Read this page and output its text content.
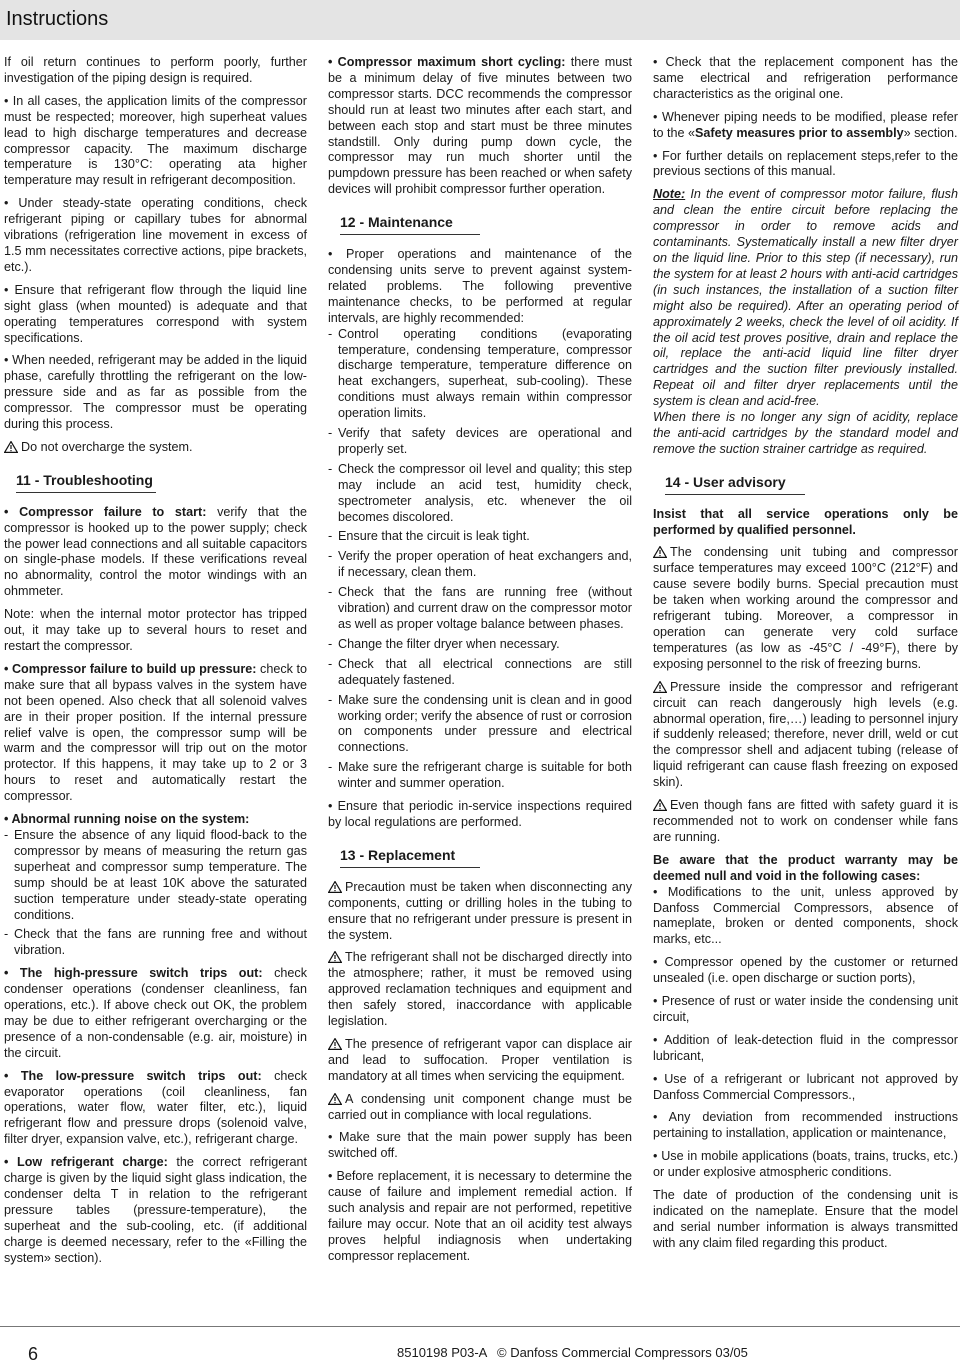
Instructions

If oil return continues to perform poorly, further investigation of the piping design is required.

• In all cases, the application limits of the compressor must be respected; moreover, high superheat values lead to high discharge temperatures and decrease compressor capacity. The maximum discharge temperature is 130°C: operating ata higher temperature may result in refrigerant decomposition.

• Under steady-state operating conditions, check refrigerant piping or capillary tubes for abnormal vibrations (refrigeration line movement in excess of 1.5 mm necessitates corrective actions, pipe brackets, etc.).

• Ensure that refrigerant flow through the liquid line sight glass (when mounted) is adequate and that operating temperatures correspond with system specifications.

• When needed, refrigerant may be added in the liquid phase, carefully throttling the refrigerant on the low-pressure side and as far as possible from the compressor. The compressor must be operating during this process.

Do not overcharge the system.

11 - Troubleshooting

• Compressor failure to start: verify that the compressor is hooked up to the power supply; check the power lead connections and all suitable capacitors on single-phase models. If these verifications reveal no abnormality, control the motor windings with an ohmmeter.

Note: when the internal motor protector has tripped out, it may take up to several hours to reset and restart the compressor.

• Compressor failure to build up pressure: check to make sure that all bypass valves in the system have not been opened. Also check that all solenoid valves are in their proper position. If the internal pressure relief valve is open, the compressor sump will be warm and the compressor will trip out on the motor protector. If this happens, it may take up to 2 or 3 hours to reset and automatically restart the compressor.

• Abnormal running noise on the system:

- Ensure the absence of any liquid flood-back to the compressor by means of measuring the return gas superheat and compressor sump temperature. The sump should be at least 10K above the saturated suction temperature under steady-state operating conditions.
- Check that the fans are running free and without vibration.

• The high-pressure switch trips out: check condenser operations (condenser cleanliness, fan operations, etc.). If above check out OK, the problem may be due to either refrigerant overcharging or the presence of a non-condensable (e.g. air, moisture) in the circuit.

• The low-pressure switch trips out: check evaporator operations (coil cleanliness, fan operations, water flow, water filter, etc.), liquid refrigerant flow and pressure drops (solenoid valve, filter dryer, expansion valve, etc.), refrigerant charge.

• Low refrigerant charge: the correct refrigerant charge is given by the liquid sight glass indication, the condenser delta T in relation to the refrigerant pressure tables (pressure-temperature), the superheat and the sub-cooling, etc. (if additional charge is deemed necessary, refer to the «Filling the system» section).

• Compressor maximum short cycling: there must be a minimum delay of five minutes between two compressor starts. DCC recommends the compressor should run at least two minutes after each start, and between each stop and start must be three minutes standstill. Only during pump down cycle, the compressor may run much shorter until the pumpdown pressure has been reached or when safety devices will prohibit compressor further operation.

12 - Maintenance

• Proper operations and maintenance of the condensing units serve to prevent against system-related problems. The following preventive maintenance checks, to be performed at regular intervals, are highly recommended:

- Control operating conditions (evaporating temperature, condensing temperature, compressor discharge temperature, temperature difference on heat exchangers, superheat, sub-cooling). These conditions must always remain within compressor operation limits.
- Verify that safety devices are operational and properly set.
- Check the compressor oil level and quality; this step may include an acid test, humidity check, spectrometer analysis, etc. whenever the oil becomes discolored.
- Ensure that the circuit is leak tight.
- Verify the proper operation of heat exchangers and, if necessary, clean them.
- Check that the fans are running free (without vibration) and current draw on the compressor motor as well as proper voltage balance between phases.
- Change the filter dryer when necessary.
- Check that all electrical connections are still adequately fastened.
- Make sure the condensing unit is clean and in good working order; verify the absence of rust or corrosion on components under pressure and electrical connections.
- Make sure the refrigerant charge is suitable for both winter and summer operation.

• Ensure that periodic in-service inspections required by local regulations are performed.

13 - Replacement

Precaution must be taken when disconnecting any components, cutting or drilling holes in the tubing to ensure that no refrigerant under pressure is present in the system.

The refrigerant shall not be discharged directly into the atmosphere; rather, it must be removed using approved reclamation techniques and equipment and then safely stored, inaccordance with applicable legislation.

The presence of refrigerant vapor can displace air and lead to suffocation. Proper ventilation is mandatory at all times when servicing the equipment.

A condensing unit component change must be carried out in compliance with local regulations.

• Make sure that the main power supply has been switched off.

• Before replacement, it is necessary to determine the cause of failure and implement remedial action. If such analysis and repair are not performed, repetitive failure may occur. Note that an oil acidity test always proves helpful indiagnosis when undertaking compressor replacement.

• Check that the replacement component has the same electrical and refrigeration performance characteristics as the original one.

• Whenever piping needs to be modified, please refer to the «Safety measures prior to assembly» section.

• For further details on replacement steps,refer to the previous sections of this manual.

Note: In the event of compressor motor failure, flush and clean the entire circuit before replacing the compressor in order to remove acids and contaminants. Systematically install a new filter dryer on the liquid line. Prior to this step (if necessary), run the system for at least 2 hours with anti-acid cartridges (in such instances, the installation of a suction filter might also be required). After an operating period of approximately 2 weeks, check the level of oil acidity. If the oil acid test proves positive, drain and replace the oil, replace the anti-acid liquid line filter dryer cartridges and the suction filter previously installed. Repeat oil and filter dryer replacements until the system is clean and acid-free.

When there is no longer any sign of acidity, replace the anti-acid cartridges by the standard model and remove the suction strainer cartridge as required.

14 - User advisory

Insist that all service operations only be performed by qualified personnel.

The condensing unit tubing and compressor surface temperatures may exceed 100°C (212°F) and cause severe bodily burns. Special precaution must be taken when working around the compressor and refrigerant tubing. Moreover, a compressor in operation can generate very cold surface temperatures (as low as -45°C / -49°F), there by exposing personnel to the risk of freezing burns.

Pressure inside the compressor and refrigerant circuit can reach dangerously high levels (e.g. abnormal operation, fire,…) leading to personnel injury if suddenly released; therefore, never drill, weld or cut the compressor shell and adjacent tubing (release of liquid refrigerant can cause flash freezing on exposed skin).

Even though fans are fitted with safety guard it is recommended not to work on condenser while fans are running.

Be aware that the product warranty may be deemed null and void in the following cases:

• Modifications to the unit, unless approved by Danfoss Commercial Compressors, absence of nameplate, broken or dented components, shock marks, etc...

• Compressor opened by the customer or returned unsealed (i.e. open discharge or suction ports),

• Presence of rust or water inside the condensing unit circuit,

• Addition of leak-detection fluid in the compressor lubricant,

• Use of a refrigerant or lubricant not approved by Danfoss Commercial Compressors.,

• Any deviation from recommended instructions pertaining to installation, application or maintenance,

• Use in mobile applications (boats, trains, trucks, etc.) or under explosive atmospheric conditions.

The date of production of the condensing unit is indicated on the nameplate. Ensure that the model and serial number information is always transmitted with any claim filed regarding this product.

6	8510198 P03-A © Danfoss Commercial Compressors 03/05
